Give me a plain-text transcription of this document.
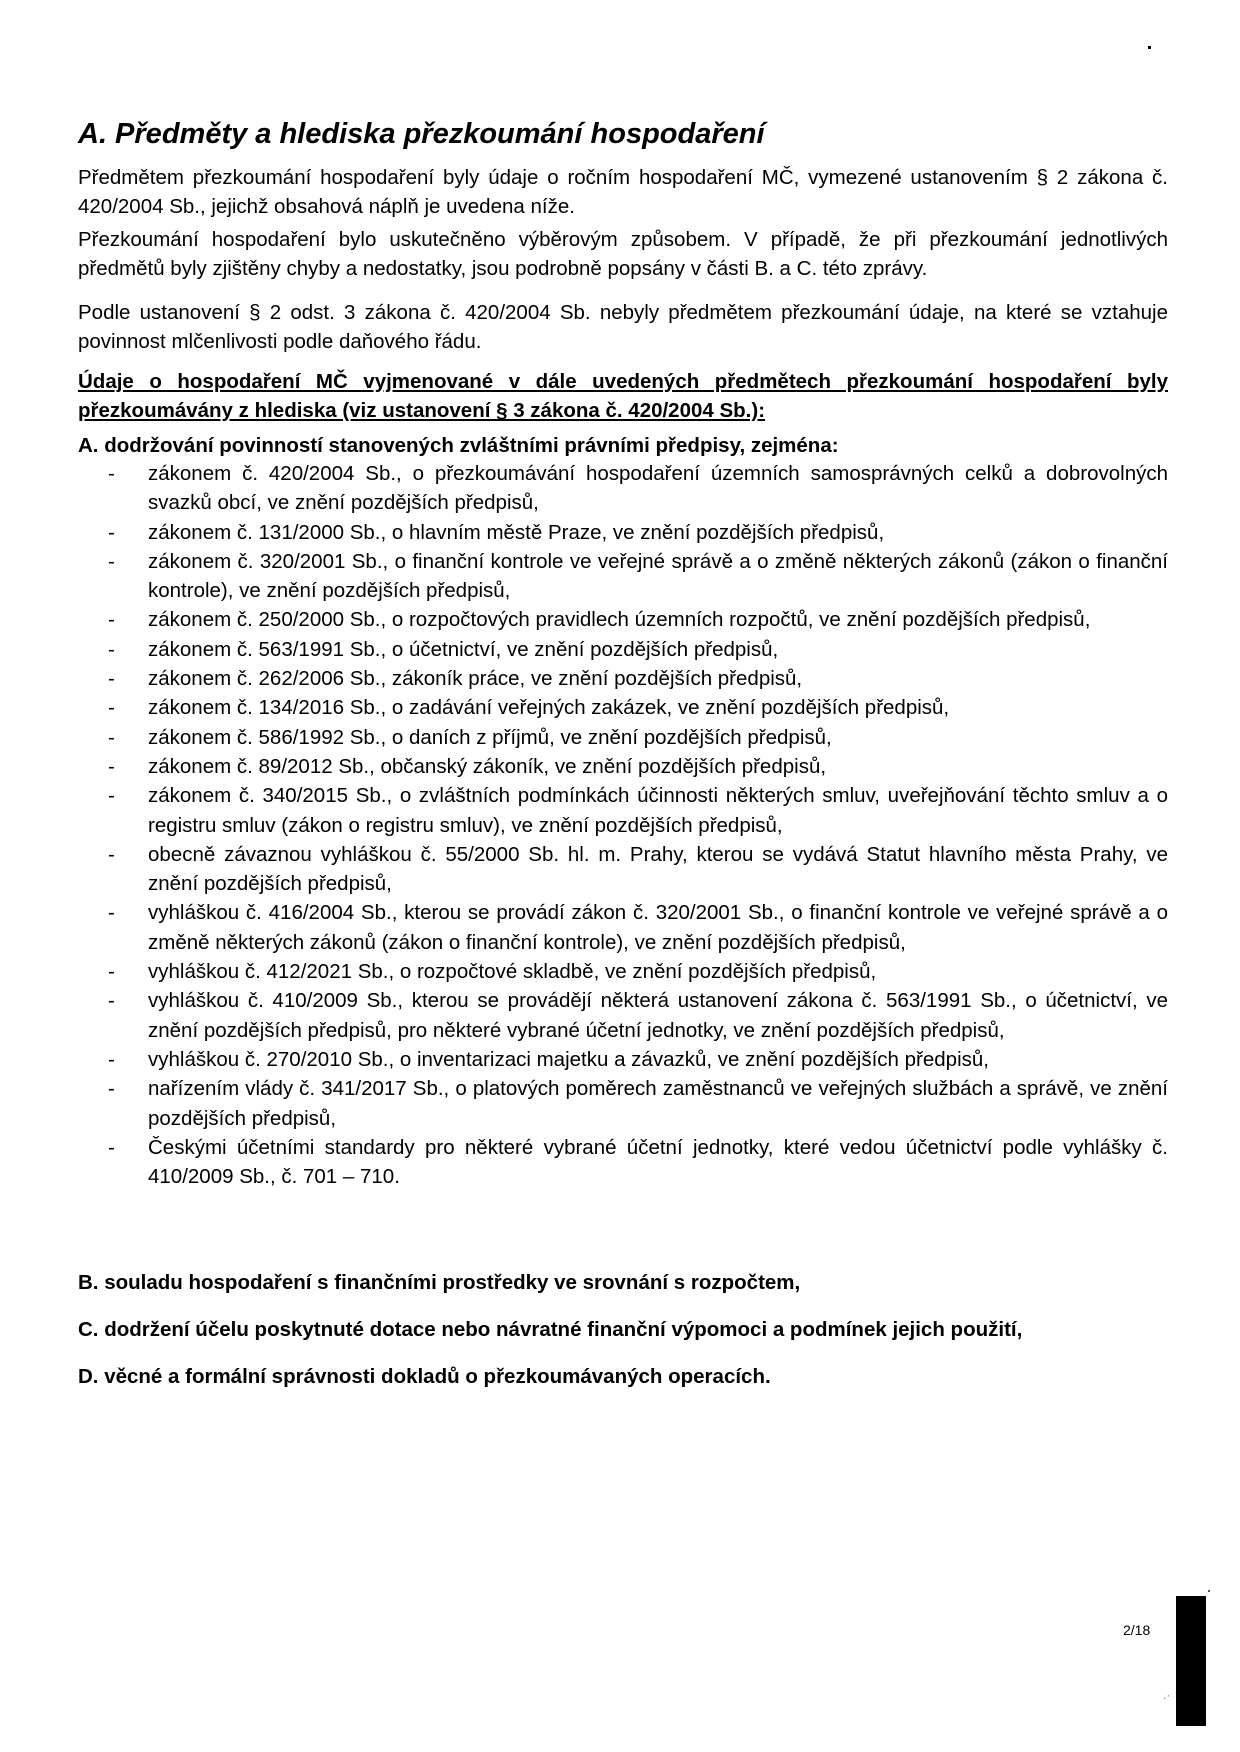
A. Předměty a hlediska přezkoumání hospodaření

Předmětem přezkoumání hospodaření byly údaje o ročním hospodaření MČ, vymezené ustanovením § 2 zákona č. 420/2004 Sb., jejichž obsahová náplň je uvedena níže.

Přezkoumání hospodaření bylo uskutečněno výběrovým způsobem. V případě, že při přezkoumání jednotlivých předmětů byly zjištěny chyby a nedostatky, jsou podrobně popsány v části B. a C. této zprávy.

Podle ustanovení § 2 odst. 3 zákona č. 420/2004 Sb. nebyly předmětem přezkoumání údaje, na které se vztahuje povinnost mlčenlivosti podle daňového řádu.

Údaje o hospodaření MČ vyjmenované v dále uvedených předmětech přezkoumání hospodaření byly přezkoumávány z hlediska (viz ustanovení § 3 zákona č. 420/2004 Sb.):

A. dodržování povinností stanovených zvláštními právními předpisy, zejména:

- zákonem č. 420/2004 Sb., o přezkoumávání hospodaření územních samosprávných celků a dobrovolných svazků obcí, ve znění pozdějších předpisů,
- zákonem č. 131/2000 Sb., o hlavním městě Praze, ve znění pozdějších předpisů,
- zákonem č. 320/2001 Sb., o finanční kontrole ve veřejné správě a o změně některých zákonů (zákon o finanční kontrole), ve znění pozdějších předpisů,
- zákonem č. 250/2000 Sb., o rozpočtových pravidlech územních rozpočtů, ve znění pozdějších předpisů,
- zákonem č. 563/1991 Sb., o účetnictví, ve znění pozdějších předpisů,
- zákonem č. 262/2006 Sb., zákoník práce, ve znění pozdějších předpisů,
- zákonem č. 134/2016 Sb., o zadávání veřejných zakázek, ve znění pozdějších předpisů,
- zákonem č. 586/1992 Sb., o daních z příjmů, ve znění pozdějších předpisů,
- zákonem č. 89/2012 Sb., občanský zákoník, ve znění pozdějších předpisů,
- zákonem č. 340/2015 Sb., o zvláštních podmínkách účinnosti některých smluv, uveřejňování těchto smluv a o registru smluv (zákon o registru smluv), ve znění pozdějších předpisů,
- obecně závaznou vyhláškou č. 55/2000 Sb. hl. m. Prahy, kterou se vydává Statut hlavního města Prahy, ve znění pozdějších předpisů,
- vyhláškou č. 416/2004 Sb., kterou se provádí zákon č. 320/2001 Sb., o finanční kontrole ve veřejné správě a o změně některých zákonů (zákon o finanční kontrole), ve znění pozdějších předpisů,
- vyhláškou č. 412/2021 Sb., o rozpočtové skladbě, ve znění pozdějších předpisů,
- vyhláškou č. 410/2009 Sb., kterou se provádějí některá ustanovení zákona č. 563/1991 Sb., o účetnictví, ve znění pozdějších předpisů, pro některé vybrané účetní jednotky, ve znění pozdějších předpisů,
- vyhláškou č. 270/2010 Sb., o inventarizaci majetku a závazků, ve znění pozdějších předpisů,
- nařízením vlády č. 341/2017 Sb., o platových poměrech zaměstnanců ve veřejných službách a správě, ve znění pozdějších předpisů,
- Českými účetními standardy pro některé vybrané účetní jednotky, které vedou účetnictví podle vyhlášky č. 410/2009 Sb., č. 701 – 710.

B. souladu hospodaření s finančními prostředky ve srovnání s rozpočtem,

C. dodržení účelu poskytnuté dotace nebo návratné finanční výpomoci a podmínek jejich použití,

D. věcné a formální správnosti dokladů o přezkoumávaných operacích.

2/18
.·
